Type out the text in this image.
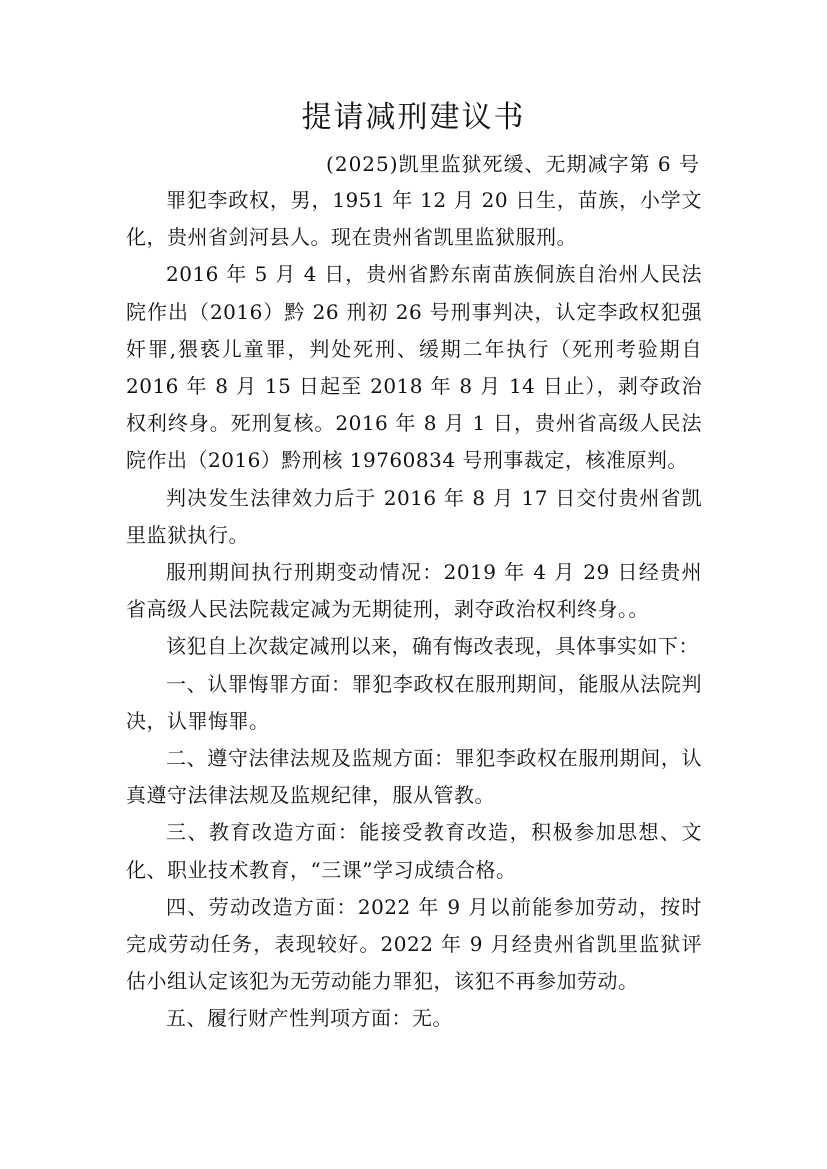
提请减刑建议书
(2025)凯里监狱死缓、无期减字第 6 号

罪犯李政权，男，1951 年 12 月 20 日生，苗族，小学文化，贵州省剑河县人。现在贵州省凯里监狱服刑。

2016 年 5 月 4 日，贵州省黔东南苗族侗族自治州人民法院作出（2016）黔 26 刑初 26 号刑事判决，认定李政权犯强奸罪,猥亵儿童罪，判处死刑、缓期二年执行（死刑考验期自 2016 年 8 月 15 日起至 2018 年 8 月 14 日止），剥夺政治权利终身。死刑复核。2016 年 8 月 1 日，贵州省高级人民法院作出（2016）黔刑核 19760834 号刑事裁定，核准原判。

判决发生法律效力后于 2016 年 8 月 17 日交付贵州省凯里监狱执行。

服刑期间执行刑期变动情况：2019 年 4 月 29 日经贵州省高级人民法院裁定减为无期徒刑，剥夺政治权利终身。。

该犯自上次裁定减刑以来，确有悔改表现，具体事实如下：

一、认罪悔罪方面：罪犯李政权在服刑期间，能服从法院判决，认罪悔罪。

二、遵守法律法规及监规方面：罪犯李政权在服刑期间，认真遵守法律法规及监规纪律，服从管教。

三、教育改造方面：能接受教育改造，积极参加思想、文化、职业技术教育，“三课”学习成绩合格。

四、劳动改造方面：2022 年 9 月以前能参加劳动，按时完成劳动任务，表现较好。2022 年 9 月经贵州省凯里监狱评估小组认定该犯为无劳动能力罪犯，该犯不再参加劳动。

五、履行财产性判项方面：无。
